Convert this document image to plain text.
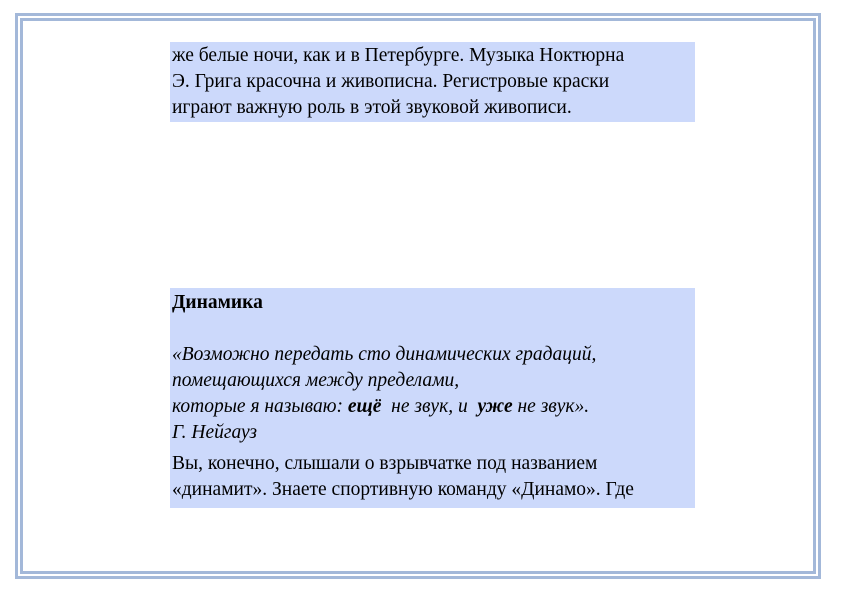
же белые ночи, как и в Петербурге. Музыка Ноктюрна
Э. Грига красочна и живописна. Регистровые краски
играют важную роль в этой звуковой живописи.
Динамика
«Возможно передать сто динамических градаций,
помещающихся между пределами,
которые я называю: ещё  не звук, и  уже не звук».
Г. Нейгауз
Вы, конечно, слышали о взрывчатке под названием
«динамит». Знаете спортивную команду «Динамо». Где
